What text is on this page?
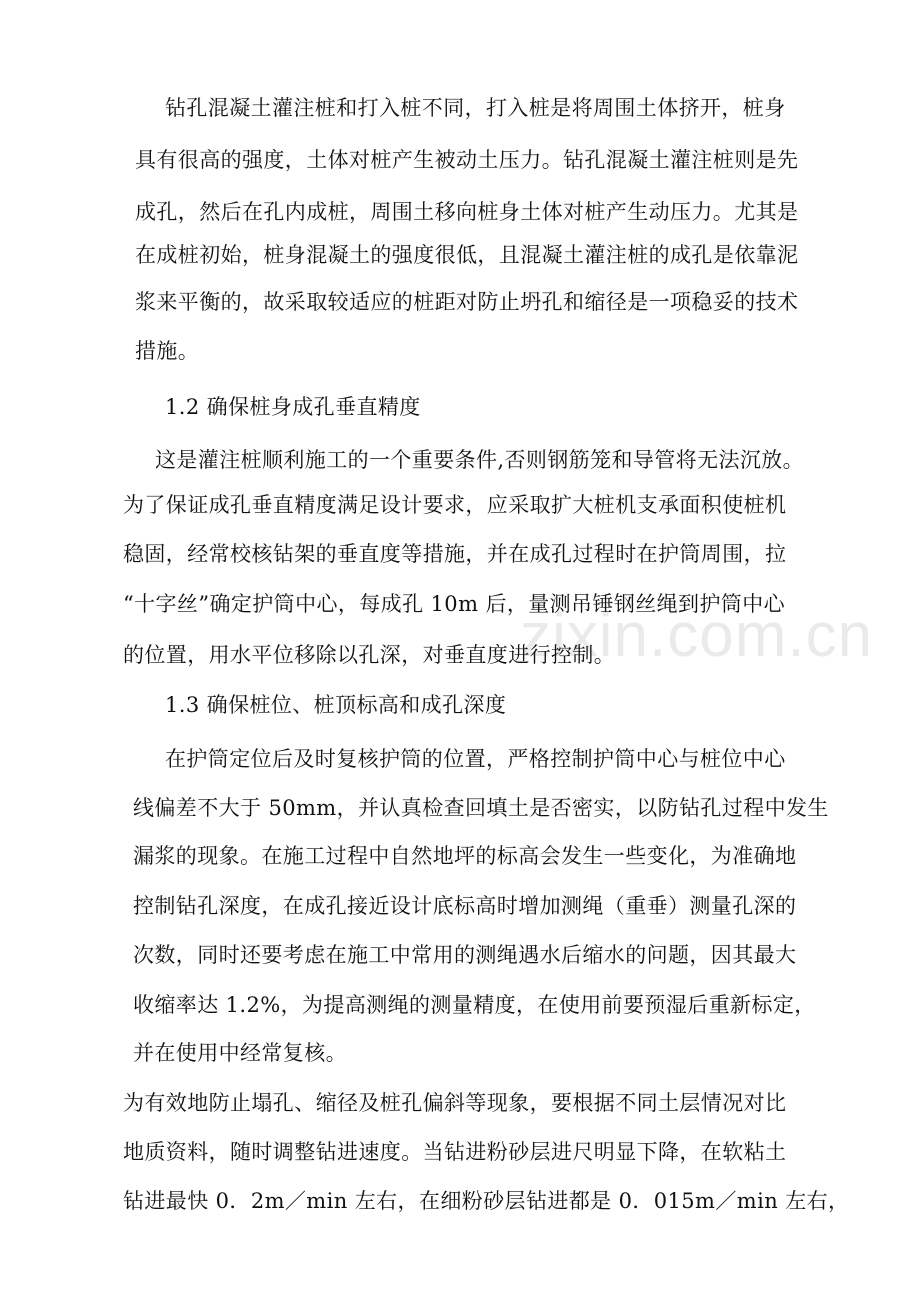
zixin.com.cn
钻孔混凝土灌注桩和打入桩不同，打入桩是将周围土体挤开，桩身
具有很高的强度，土体对桩产生被动土压力。钻孔混凝土灌注桩则是先
成孔，然后在孔内成桩，周围土移向桩身土体对桩产生动压力。尤其是
在成桩初始，桩身混凝土的强度很低，且混凝土灌注桩的成孔是依靠泥
浆来平衡的，故采取较适应的桩距对防止坍孔和缩径是一项稳妥的技术
措施。
1.2 确保桩身成孔垂直精度
这是灌注桩顺利施工的一个重要条件,否则钢筋笼和导管将无法沉放。
为了保证成孔垂直精度满足设计要求，应采取扩大桩机支承面积使桩机
稳固，经常校核钻架的垂直度等措施，并在成孔过程时在护筒周围，拉
“十字丝”确定护筒中心，每成孔 10m 后，量测吊锤钢丝绳到护筒中心
的位置，用水平位移除以孔深，对垂直度进行控制。
1.3 确保桩位、桩顶标高和成孔深度
在护筒定位后及时复核护筒的位置，严格控制护筒中心与桩位中心
线偏差不大于 50mm，并认真检查回填土是否密实，以防钻孔过程中发生
漏浆的现象。在施工过程中自然地坪的标高会发生一些变化，为准确地
控制钻孔深度，在成孔接近设计底标高时增加测绳（重垂）测量孔深的
次数，同时还要考虑在施工中常用的测绳遇水后缩水的问题，因其最大
收缩率达 1.2%，为提高测绳的测量精度，在使用前要预湿后重新标定，
并在使用中经常复核。
为有效地防止塌孔、缩径及桩孔偏斜等现象，要根据不同土层情况对比
地质资料，随时调整钻进速度。当钻进粉砂层进尺明显下降，在软粘土
钻进最快 0．2m／min 左右，在细粉砂层钻进都是 0．015m／min 左右，
